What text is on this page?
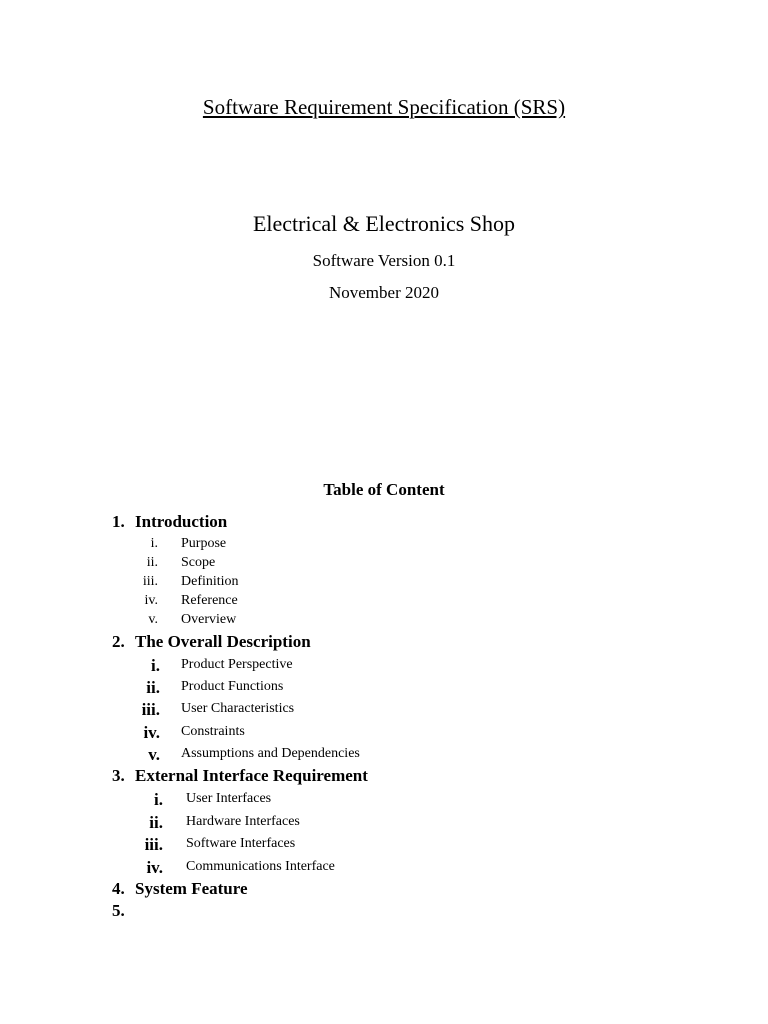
Software Requirement Specification (SRS)
Electrical & Electronics Shop
Software Version 0.1
November 2020
Table of Content
1. Introduction
i. Purpose
ii. Scope
iii. Definition
iv. Reference
v. Overview
2. The Overall Description
i. Product Perspective
ii. Product Functions
iii. User Characteristics
iv. Constraints
v. Assumptions and Dependencies
3. External Interface Requirement
i. User Interfaces
ii. Hardware Interfaces
iii. Software Interfaces
iv. Communications Interface
4. System Feature
5.
